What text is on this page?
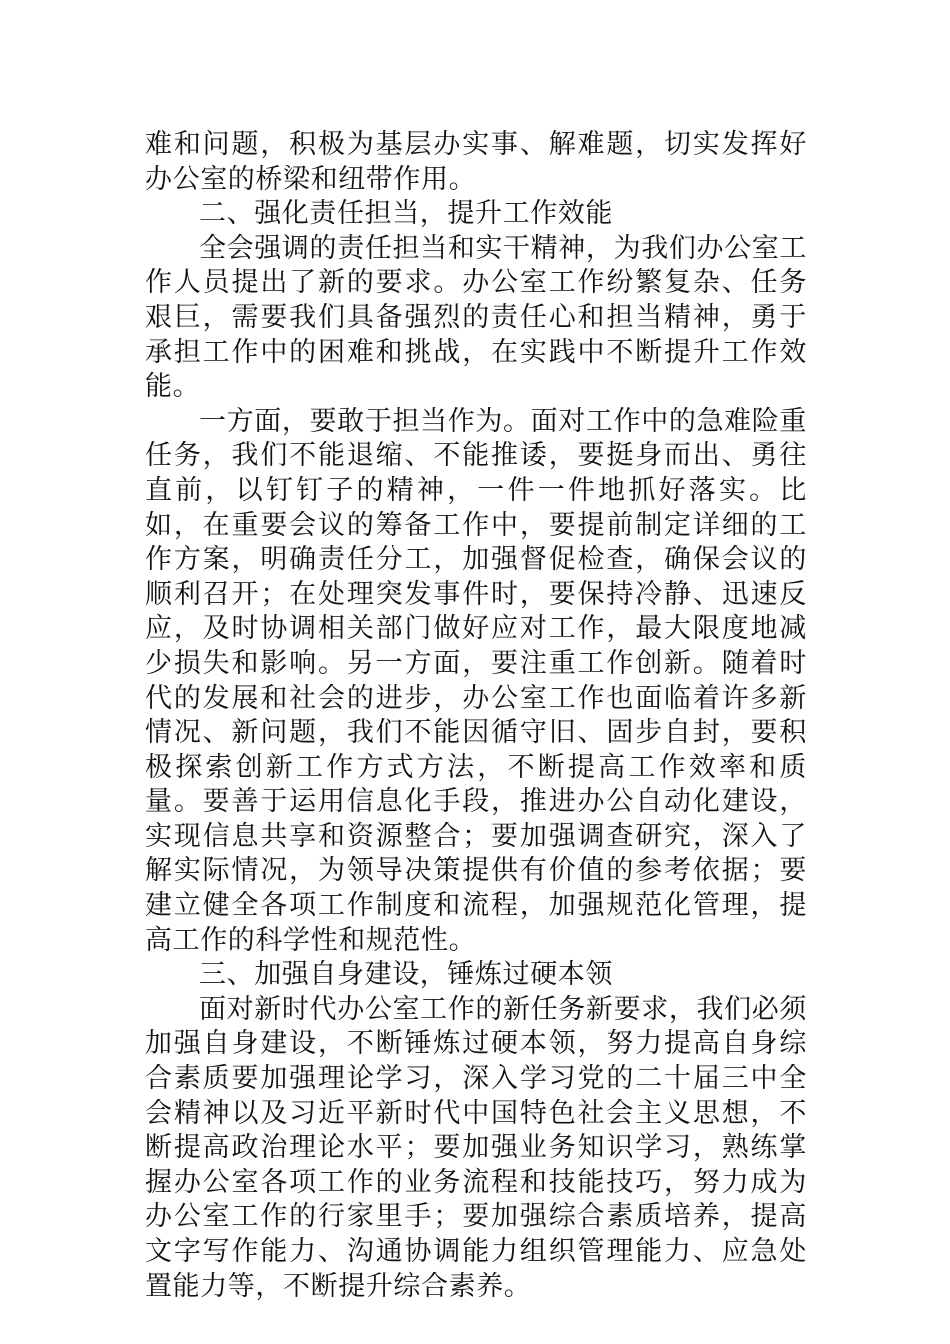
难和问题，积极为基层办实事、解难题，切实发挥好办公室的桥梁和纽带作用。

二、强化责任担当，提升工作效能

全会强调的责任担当和实干精神，为我们办公室工作人员提出了新的要求。办公室工作纷繁复杂、任务艰巨，需要我们具备强烈的责任心和担当精神，勇于承担工作中的困难和挑战，在实践中不断提升工作效能。

一方面，要敢于担当作为。面对工作中的急难险重任务，我们不能退缩、不能推诿，要挺身而出、勇往直前，以钉钉子的精神，一件一件地抓好落实。比如，在重要会议的筹备工作中，要提前制定详细的工作方案，明确责任分工，加强督促检查，确保会议的顺利召开；在处理突发事件时，要保持冷静、迅速反应，及时协调相关部门做好应对工作，最大限度地减少损失和影响。另一方面，要注重工作创新。随着时代的发展和社会的进步，办公室工作也面临着许多新情况、新问题，我们不能因循守旧、固步自封，要积极探索创新工作方式方法，不断提高工作效率和质量。要善于运用信息化手段，推进办公自动化建设，实现信息共享和资源整合；要加强调查研究，深入了解实际情况，为领导决策提供有价值的参考依据；要建立健全各项工作制度和流程，加强规范化管理，提高工作的科学性和规范性。

三、加强自身建设，锤炼过硬本领

面对新时代办公室工作的新任务新要求，我们必须加强自身建设，不断锤炼过硬本领，努力提高自身综合素质要加强理论学习，深入学习党的二十届三中全会精神以及习近平新时代中国特色社会主义思想，不断提高政治理论水平；要加强业务知识学习，熟练掌握办公室各项工作的业务流程和技能技巧，努力成为办公室工作的行家里手；要加强综合素质培养，提高文字写作能力、沟通协调能力组织管理能力、应急处置能力等，不断提升综合素养。
